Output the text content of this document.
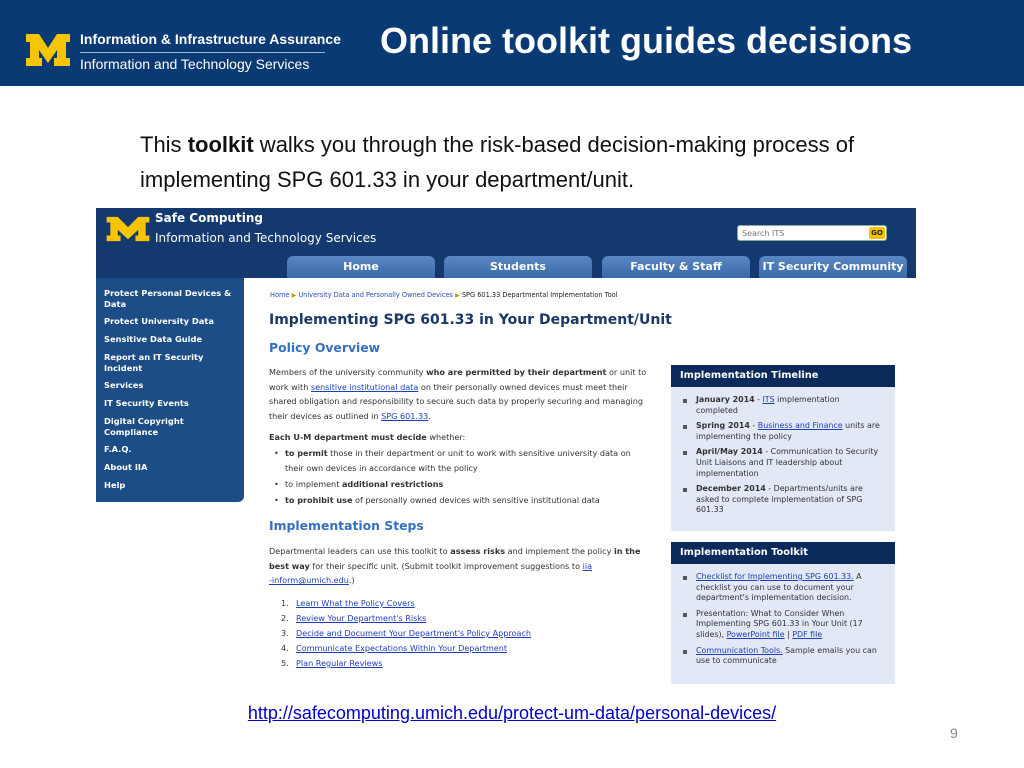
Information & Infrastructure Assurance
Information and Technology Services
Online toolkit guides decisions
This toolkit walks you through the risk-based decision-making process of implementing SPG 601.33 in your department/unit.
Safe Computing
Information and Technology Services
Search ITS	GO
Home	Students	Faculty & Staff	IT Security Community
Protect Personal Devices & Data
Protect University Data
Sensitive Data Guide
Report an IT Security Incident
Services
IT Security Events
Digital Copyright Compliance
F.A.Q.
About IIA
Help
Home ▶ University Data and Personally Owned Devices ▶ SPG 601.33 Departmental Implementation Tool
Implementing SPG 601.33 in Your Department/Unit
Policy Overview
Members of the university community who are permitted by their department or unit to work with sensitive institutional data on their personally owned devices must meet their shared obligation and responsibility to secure such data by properly securing and managing their devices as outlined in SPG 601.33.
Each U-M department must decide whether:
• to permit those in their department or unit to work with sensitive university data on their own devices in accordance with the policy
• to implement additional restrictions
• to prohibit use of personally owned devices with sensitive institutional data
Implementation Steps
Departmental leaders can use this toolkit to assess risks and implement the policy in the best way for their specific unit. (Submit toolkit improvement suggestions to iia
-inform@umich.edu.)
1. Learn What the Policy Covers
2. Review Your Department's Risks
3. Decide and Document Your Department's Policy Approach
4. Communicate Expectations Within Your Department
5. Plan Regular Reviews
Implementation Timeline
January 2014 - ITS implementation completed
Spring 2014 - Business and Finance units are implementing the policy
April/May 2014 - Communication to Security Unit Liaisons and IT leadership about implementation
December 2014 - Departments/units are asked to complete implementation of SPG 601.33
Implementation Toolkit
Checklist for Implementing SPG 601.33. A checklist you can use to document your department's implementation decision.
Presentation: What to Consider When Implementing SPG 601.33 in Your Unit (17 slides), PowerPoint file | PDF file
Communication Tools. Sample emails you can use to communicate
http://safecomputing.umich.edu/protect-um-data/personal-devices/
9
